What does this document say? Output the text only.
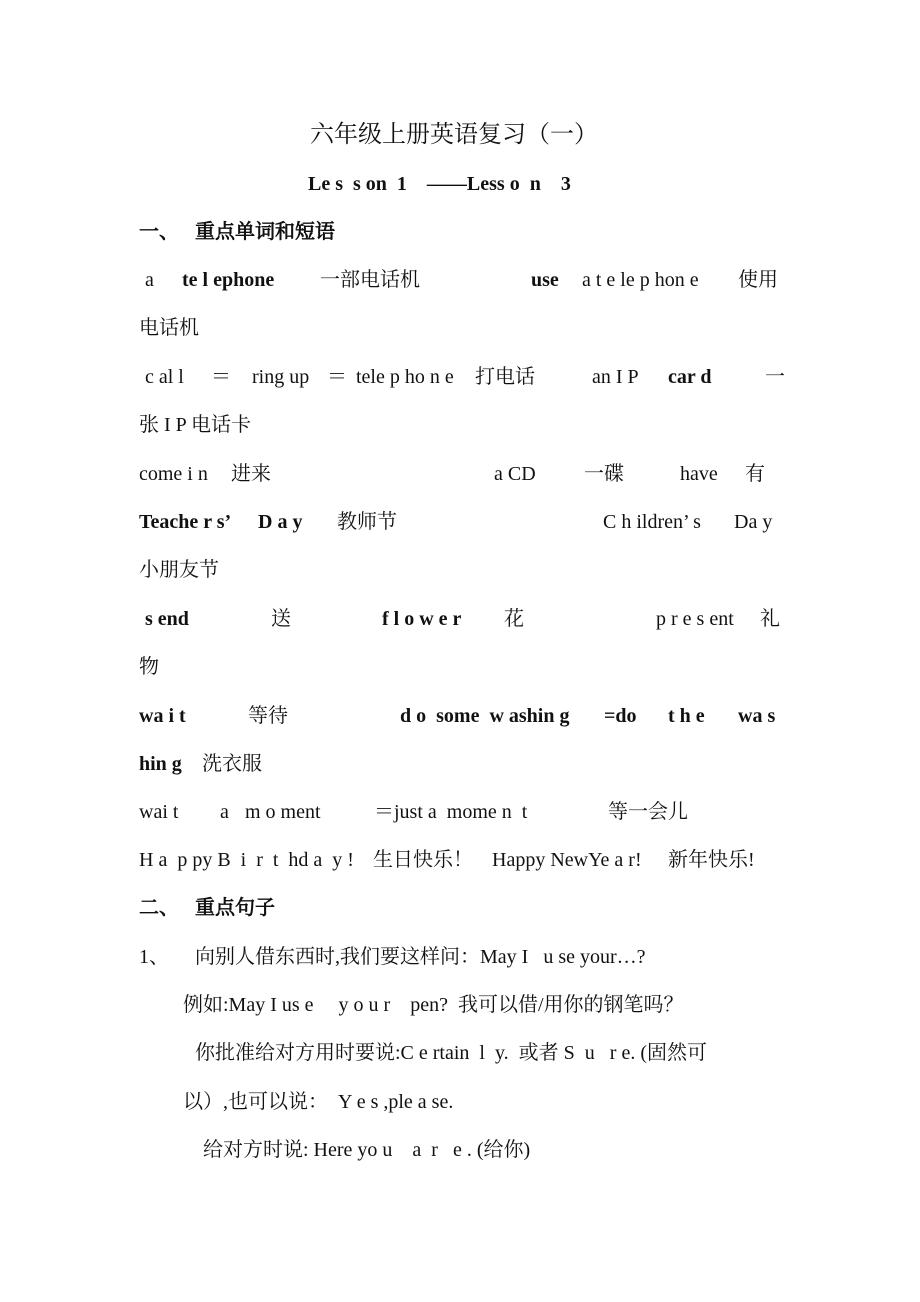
六年级上册英语复习（一）
Le s  s on  1    ——Less o  n    3
一、 重点单词和短语
a te l ephone 一部电话机	use a t e le p hon e 使用
电话机
c al l ＝ ring up ＝ tele p ho n e 打电话	an I P car d	一
张 I P 电话卡
come i n 进来	a CD 一碟	have 有
Teache r s’ D a y 教师节	C h ildren’ s Da y
小朋友节
s end	送	f l o w e r 花	p r e s ent 礼
物
wa i t	等待	d o  some  w ashin g =do t h e wa s
hin g 洗衣服
wai t a m o ment	＝just a  mome n  t	等一会儿
H a  p py B  i  r  t  hd a  y ! 生日快乐！ Happy NewYe a r! 新年快乐!
二、 重点句子
1、 向别人借东西时,我们要这样问：May I   u se your…?
例如:May I us e     y o u r    pen?  我可以借/用你的钢笔吗？
你批准给对方用时要说:C e rtain  l  y.  或者 S  u   r e. (固然可
以）,也可以说：  Y e s ,ple a se.
给对方时说: Here yo u    a  r   e . (给你)
